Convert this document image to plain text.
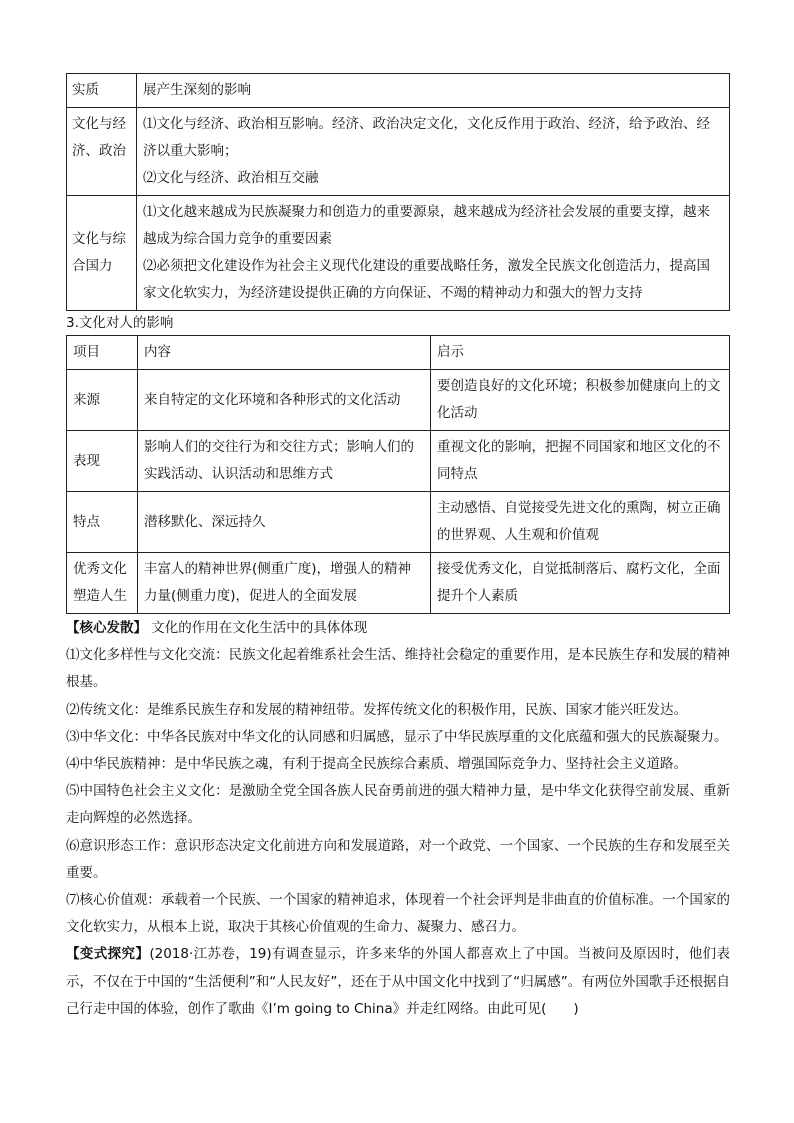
实质	展产生深刻的影响

文化与经济、政治	⑴文化与经济、政治相互影响。经济、政治决定文化，文化反作用于政治、经济，给予政治、经济以重大影响；
⑵文化与经济、政治相互交融

文化与综合国力	⑴文化越来越成为民族凝聚力和创造力的重要源泉，越来越成为经济社会发展的重要支撑，越来越成为综合国力竞争的重要因素
⑵必须把文化建设作为社会主义现代化建设的重要战略任务，激发全民族文化创造活力，提高国家文化软实力，为经济建设提供正确的方向保证、不竭的精神动力和强大的智力支持
3.文化对人的影响
项目	内容	启示
来源	来自特定的文化环境和各种形式的文化活动	要创造良好的文化环境；积极参加健康向上的文化活动
表现	影响人们的交往行为和交往方式；影响人们的实践活动、认识活动和思维方式	重视文化的影响，把握不同国家和地区文化的不同特点
特点	潜移默化、深远持久	主动感悟、自觉接受先进文化的熏陶，树立正确的世界观、人生观和价值观
优秀文化塑造人生	丰富人的精神世界(侧重广度)，增强人的精神力量(侧重力度)，促进人的全面发展	接受优秀文化，自觉抵制落后、腐朽文化，全面提升个人素质

【核心发散】 文化的作用在文化生活中的具体体现

⑴文化多样性与文化交流：民族文化起着维系社会生活、维持社会稳定的重要作用，是本民族生存和发展的精神根基。

⑵传统文化：是维系民族生存和发展的精神纽带。发挥传统文化的积极作用，民族、国家才能兴旺发达。

⑶中华文化：中华各民族对中华文化的认同感和归属感，显示了中华民族厚重的文化底蕴和强大的民族凝聚力。

⑷中华民族精神：是中华民族之魂，有利于提高全民族综合素质、增强国际竞争力、坚持社会主义道路。

⑸中国特色社会主义文化：是激励全党全国各族人民奋勇前进的强大精神力量，是中华文化获得空前发展、重新走向辉煌的必然选择。

⑹意识形态工作：意识形态决定文化前进方向和发展道路，对一个政党、一个国家、一个民族的生存和发展至关重要。

⑺核心价值观：承载着一个民族、一个国家的精神追求，体现着一个社会评判是非曲直的价值标准。一个国家的文化软实力，从根本上说，取决于其核心价值观的生命力、凝聚力、感召力。

【变式探究】(2018·江苏卷，19)有调查显示，许多来华的外国人都喜欢上了中国。当被问及原因时，他们表示，不仅在于中国的“生活便利”和“人民友好”，还在于从中国文化中找到了“归属感”。有两位外国歌手还根据自己行走中国的体验，创作了歌曲《I’m going to China》并走红网络。由此可见(　　)
